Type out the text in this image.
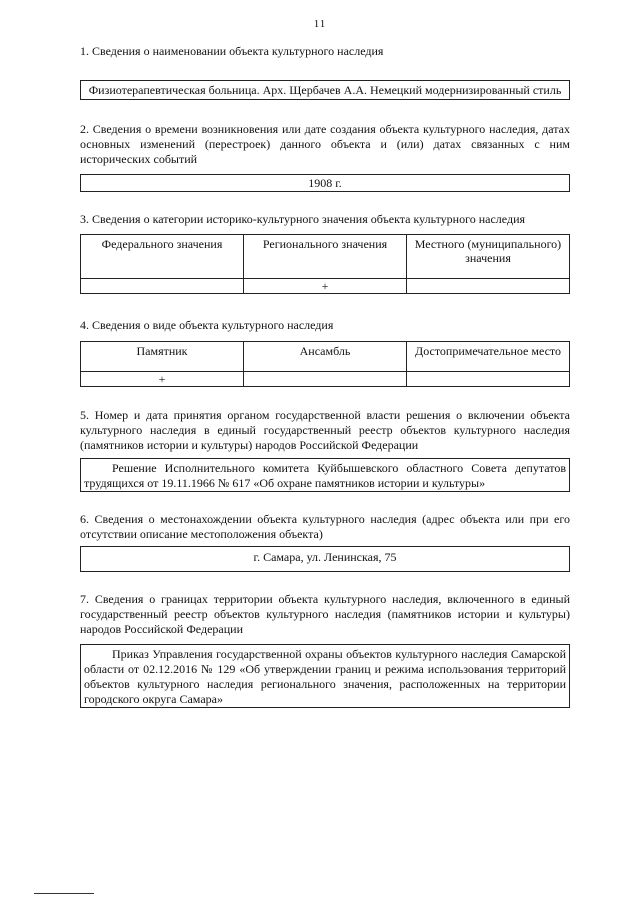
11
1. Сведения о наименовании объекта культурного наследия
Физиотерапевтическая больница. Арх. Щербачев А.А. Немецкий модернизированный стиль
2. Сведения о времени возникновения или дате создания объекта культурного наследия, датах основных изменений (перестроек) данного объекта и (или) датах связанных с ним исторических событий
1908 г.
3. Сведения о категории историко-культурного значения объекта культурного наследия
Федерального значения	Регионального значения	Местного (муниципального) значения
	+	
4. Сведения о виде объекта культурного наследия
Памятник	Ансамбль	Достопримечательное место
+		
5. Номер и дата принятия органом государственной власти решения о включении объекта культурного наследия в единый государственный реестр объектов культурного наследия (памятников истории и культуры) народов Российской Федерации
Решение Исполнительного комитета Куйбышевского областного Совета депутатов трудящихся от 19.11.1966 № 617 «Об охране памятников истории и культуры»
6. Сведения о местонахождении объекта культурного наследия (адрес объекта или при его отсутствии описание местоположения объекта)
г. Самара, ул. Ленинская, 75
7. Сведения о границах территории объекта культурного наследия, включенного в единый государственный реестр объектов культурного наследия (памятников истории и культуры) народов Российской Федерации
Приказ Управления государственной охраны объектов культурного наследия Самарской области от 02.12.2016 № 129 «Об утверждении границ и режима использования территорий объектов культурного наследия регионального значения, расположенных на территории городского округа Самара»
